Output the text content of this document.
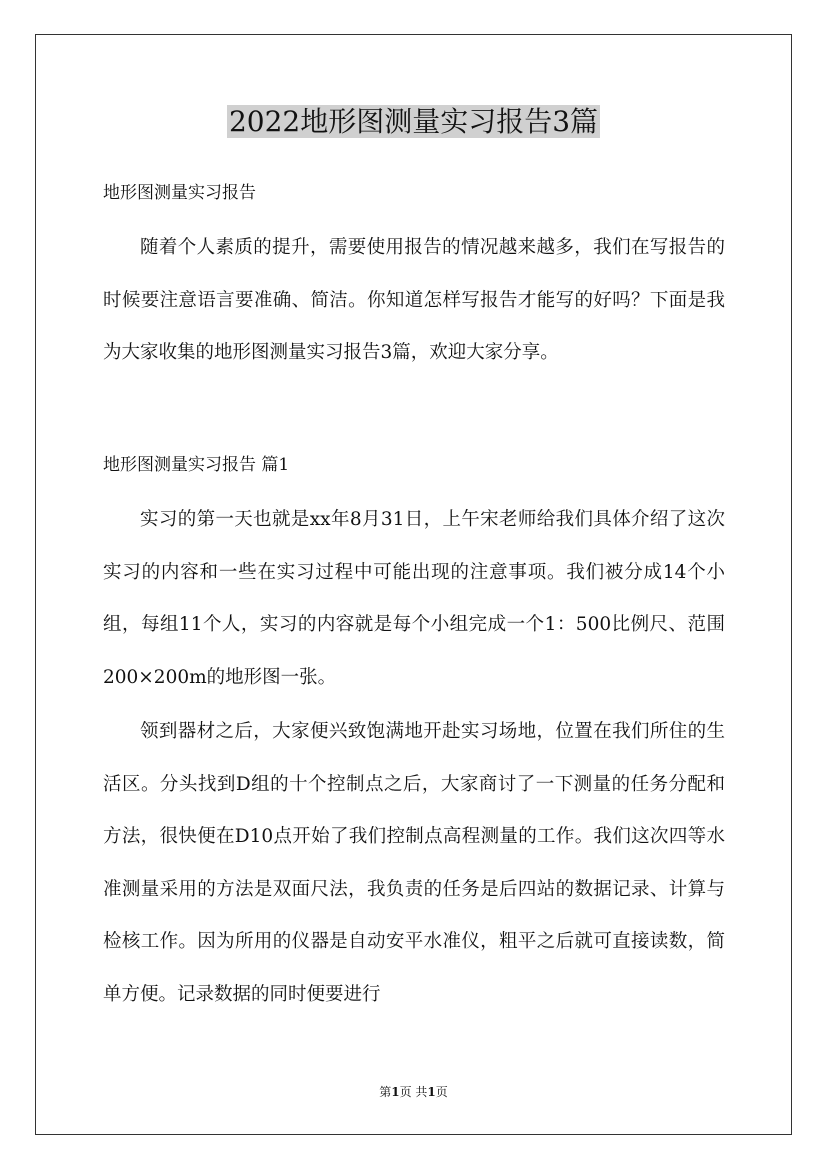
2022地形图测量实习报告3篇
地形图测量实习报告

随着个人素质的提升，需要使用报告的情况越来越多，我们在写报告的时候要注意语言要准确、简洁。你知道怎样写报告才能写的好吗？下面是我为大家收集的地形图测量实习报告3篇，欢迎大家分享。

地形图测量实习报告 篇1

实习的第一天也就是xx年8月31日，上午宋老师给我们具体介绍了这次实习的内容和一些在实习过程中可能出现的注意事项。我们被分成14个小组，每组11个人，实习的内容就是每个小组完成一个1：500比例尺、范围200×200m的地形图一张。

领到器材之后，大家便兴致饱满地开赴实习场地，位置在我们所住的生活区。分头找到D组的十个控制点之后，大家商讨了一下测量的任务分配和方法，很快便在D10点开始了我们控制点高程测量的工作。我们这次四等水准测量采用的方法是双面尺法，我负责的任务是后四站的数据记录、计算与检核工作。因为所用的仪器是自动安平水准仪，粗平之后就可直接读数，简单方便。记录数据的同时便要进行

第1页 共1页
